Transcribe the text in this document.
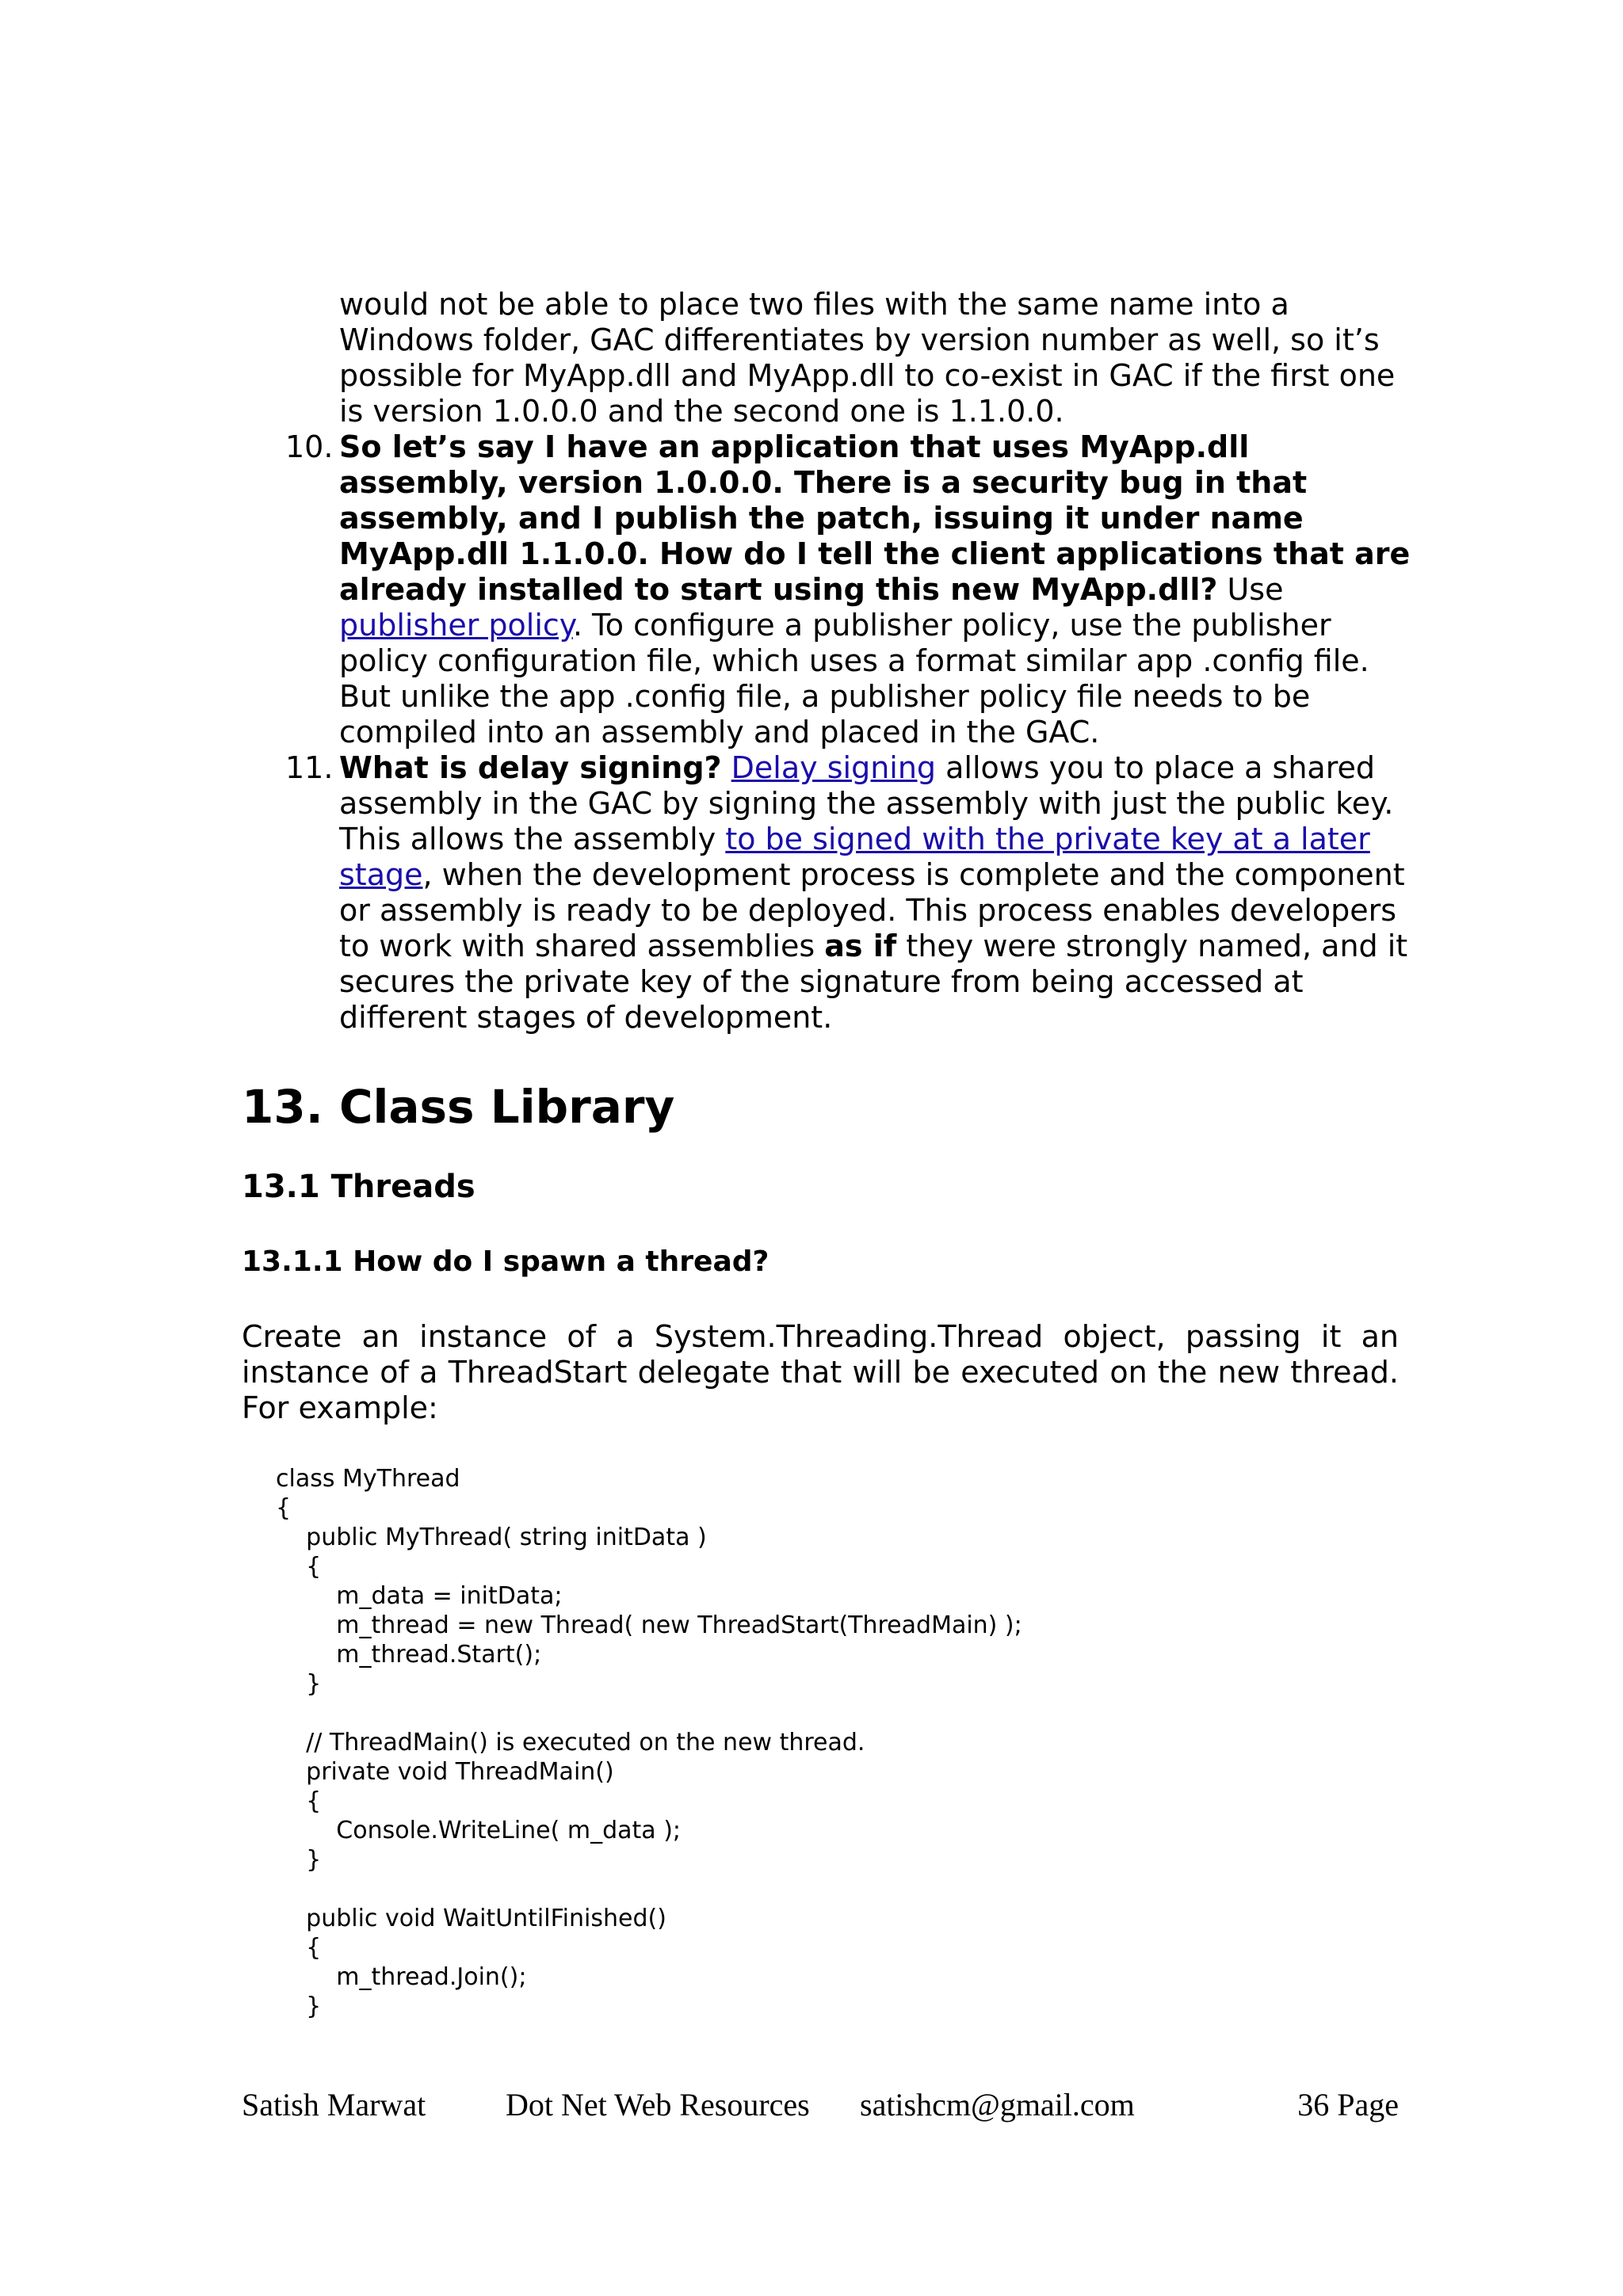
would not be able to place two files with the same name into a Windows folder, GAC differentiates by version number as well, so it’s possible for MyApp.dll and MyApp.dll to co-exist in GAC if the first one is version 1.0.0.0 and the second one is 1.1.0.0.

10. So let’s say I have an application that uses MyApp.dll assembly, version 1.0.0.0. There is a security bug in that assembly, and I publish the patch, issuing it under name MyApp.dll 1.1.0.0. How do I tell the client applications that are already installed to start using this new MyApp.dll? Use publisher policy. To configure a publisher policy, use the publisher policy configuration file, which uses a format similar app .config file. But unlike the app .config file, a publisher policy file needs to be compiled into an assembly and placed in the GAC.

11. What is delay signing? Delay signing allows you to place a shared assembly in the GAC by signing the assembly with just the public key. This allows the assembly to be signed with the private key at a later stage, when the development process is complete and the component or assembly is ready to be deployed. This process enables developers to work with shared assemblies as if they were strongly named, and it secures the private key of the signature from being accessed at different stages of development.

13. Class Library
13.1 Threads
13.1.1 How do I spawn a thread?

Create an instance of a System.Threading.Thread object, passing it an instance of a ThreadStart delegate that will be executed on the new thread. For example:

class MyThread
{
public MyThread( string initData )
{
m_data = initData;
m_thread = new Thread( new ThreadStart(ThreadMain) );
m_thread.Start();
}

// ThreadMain() is executed on the new thread.
private void ThreadMain()
{
Console.WriteLine( m_data );
}

public void WaitUntilFinished()
{
m_thread.Join();
}
Satish Marwat	Dot Net Web Resources satishcm@gmail.com	36 Page
